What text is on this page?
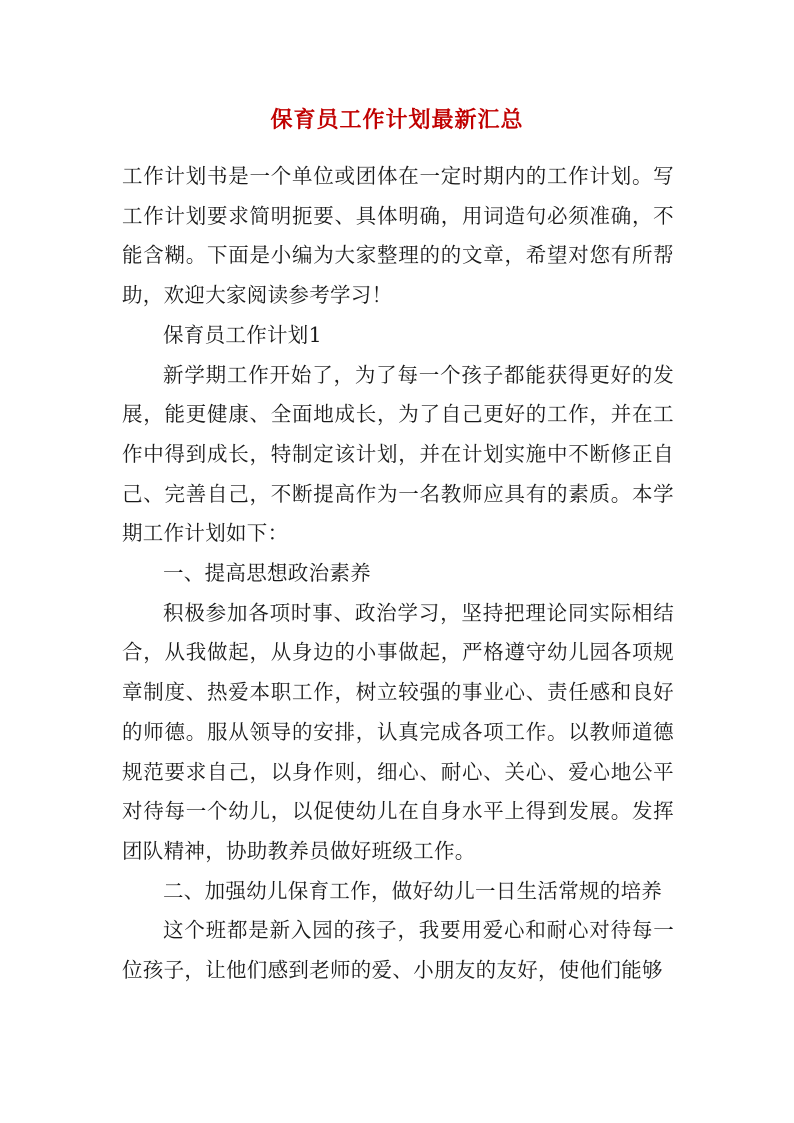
保育员工作计划最新汇总

工作计划书是一个单位或团体在一定时期内的工作计划。写工作计划要求简明扼要、具体明确，用词造句必须准确，不能含糊。下面是小编为大家整理的的文章，希望对您有所帮助，欢迎大家阅读参考学习！

保育员工作计划1

新学期工作开始了，为了每一个孩子都能获得更好的发展，能更健康、全面地成长，为了自己更好的工作，并在工作中得到成长，特制定该计划，并在计划实施中不断修正自己、完善自己，不断提高作为一名教师应具有的素质。本学期工作计划如下：

一、提高思想政治素养

积极参加各项时事、政治学习，坚持把理论同实际相结合，从我做起，从身边的小事做起，严格遵守幼儿园各项规章制度、热爱本职工作，树立较强的事业心、责任感和良好的师德。服从领导的安排，认真完成各项工作。以教师道德规范要求自己，以身作则，细心、耐心、关心、爱心地公平对待每一个幼儿，以促使幼儿在自身水平上得到发展。发挥团队精神，协助教养员做好班级工作。

二、加强幼儿保育工作，做好幼儿一日生活常规的培养

这个班都是新入园的孩子，我要用爱心和耐心对待每一位孩子，让他们感到老师的爱、小朋友的友好，使他们能够
